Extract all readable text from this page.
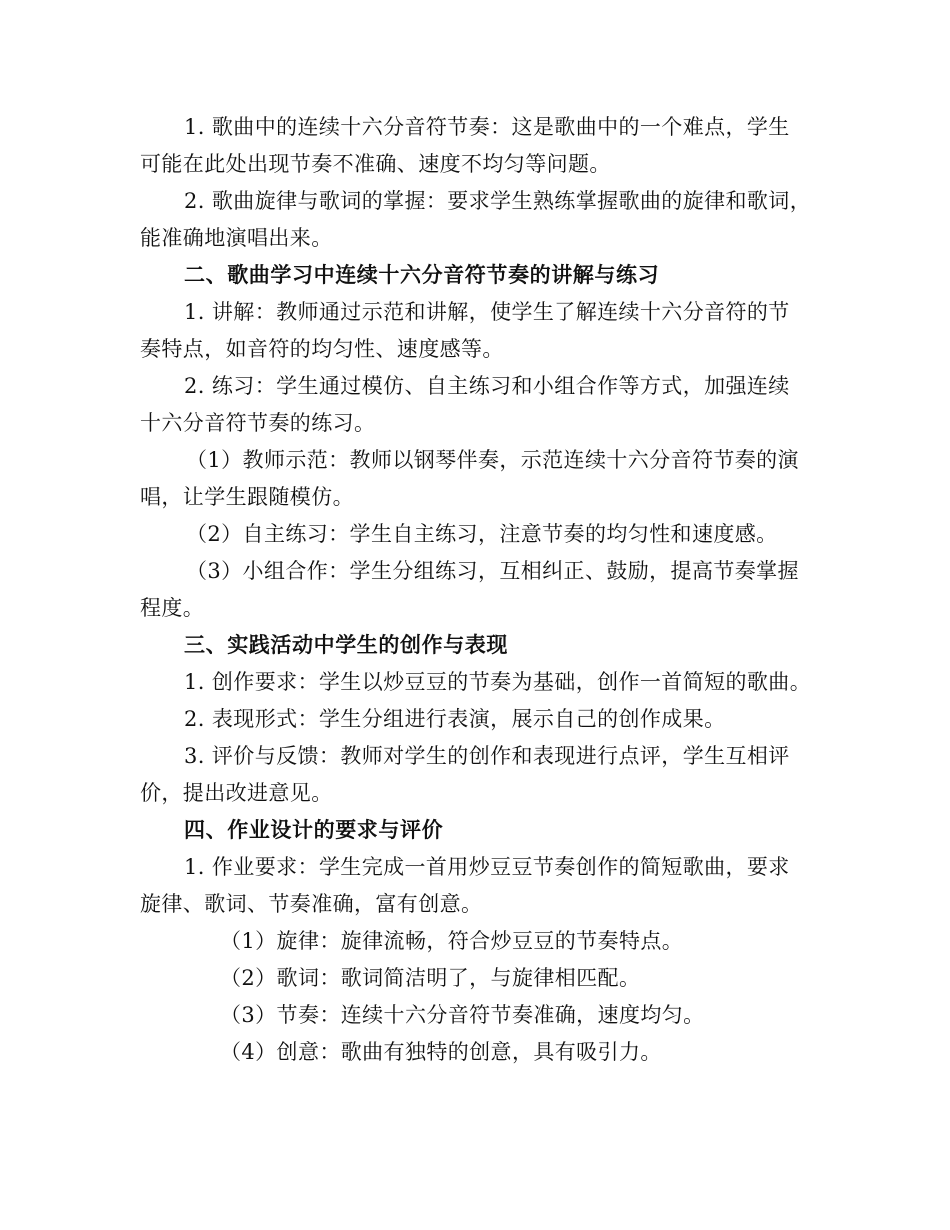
1. 歌曲中的连续十六分音符节奏：这是歌曲中的一个难点，学生
可能在此处出现节奏不准确、速度不均匀等问题。
2. 歌曲旋律与歌词的掌握：要求学生熟练掌握歌曲的旋律和歌词，
能准确地演唱出来。
二、歌曲学习中连续十六分音符节奏的讲解与练习
1. 讲解：教师通过示范和讲解，使学生了解连续十六分音符的节
奏特点，如音符的均匀性、速度感等。
2. 练习：学生通过模仿、自主练习和小组合作等方式，加强连续
十六分音符节奏的练习。
（1）教师示范：教师以钢琴伴奏，示范连续十六分音符节奏的演
唱，让学生跟随模仿。
（2）自主练习：学生自主练习，注意节奏的均匀性和速度感。
（3）小组合作：学生分组练习，互相纠正、鼓励，提高节奏掌握
程度。
三、实践活动中学生的创作与表现
1. 创作要求：学生以炒豆豆的节奏为基础，创作一首简短的歌曲。
2. 表现形式：学生分组进行表演，展示自己的创作成果。
3. 评价与反馈：教师对学生的创作和表现进行点评，学生互相评
价，提出改进意见。
四、作业设计的要求与评价
1. 作业要求：学生完成一首用炒豆豆节奏创作的简短歌曲，要求
旋律、歌词、节奏准确，富有创意。
（1）旋律：旋律流畅，符合炒豆豆的节奏特点。
（2）歌词：歌词简洁明了，与旋律相匹配。
（3）节奏：连续十六分音符节奏准确，速度均匀。
（4）创意：歌曲有独特的创意，具有吸引力。
